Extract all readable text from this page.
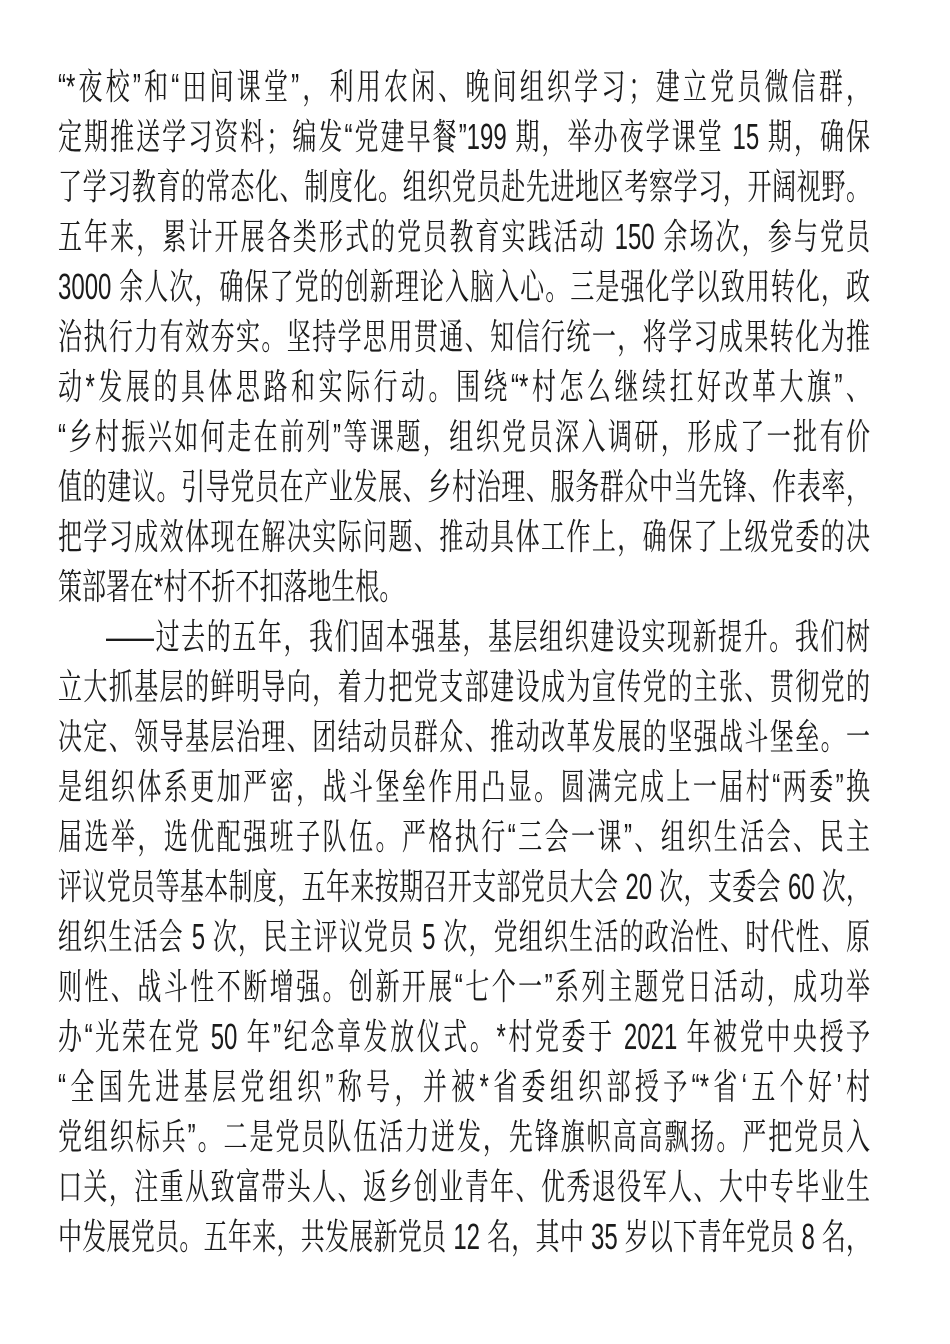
“*夜校”和“田间课堂”，利用农闲、晚间组织学习；建立党员微信群，
定期推送学习资料；编发“党建早餐”199 期，举办夜学课堂 15 期，确保
了学习教育的常态化、制度化。组织党员赴先进地区考察学习，开阔视野。
五年来，累计开展各类形式的党员教育实践活动 150 余场次，参与党员
3000 余人次，确保了党的创新理论入脑入心。三是强化学以致用转化，政
治执行力有效夯实。坚持学思用贯通、知信行统一，将学习成果转化为推
动*发展的具体思路和实际行动。围绕“*村怎么继续扛好改革大旗”、
“乡村振兴如何走在前列”等课题，组织党员深入调研，形成了一批有价
值的建议。引导党员在产业发展、乡村治理、服务群众中当先锋、作表率，
把学习成效体现在解决实际问题、推动具体工作上，确保了上级党委的决
策部署在*村不折不扣落地生根。
——过去的五年，我们固本强基，基层组织建设实现新提升。我们树
立大抓基层的鲜明导向，着力把党支部建设成为宣传党的主张、贯彻党的
决定、领导基层治理、团结动员群众、推动改革发展的坚强战斗堡垒。一
是组织体系更加严密，战斗堡垒作用凸显。圆满完成上一届村“两委”换
届选举，选优配强班子队伍。严格执行“三会一课”、组织生活会、民主
评议党员等基本制度，五年来按期召开支部党员大会 20 次，支委会 60 次，
组织生活会 5 次，民主评议党员 5 次，党组织生活的政治性、时代性、原
则性、战斗性不断增强。创新开展“七个一”系列主题党日活动，成功举
办“光荣在党 50 年”纪念章发放仪式。*村党委于 2021 年被党中央授予
“全国先进基层党组织”称号，并被*省委组织部授予“*省‘五个好’村
党组织标兵”。二是党员队伍活力迸发，先锋旗帜高高飘扬。严把党员入
口关，注重从致富带头人、返乡创业青年、优秀退役军人、大中专毕业生
中发展党员。五年来，共发展新党员 12 名，其中 35 岁以下青年党员 8 名，
